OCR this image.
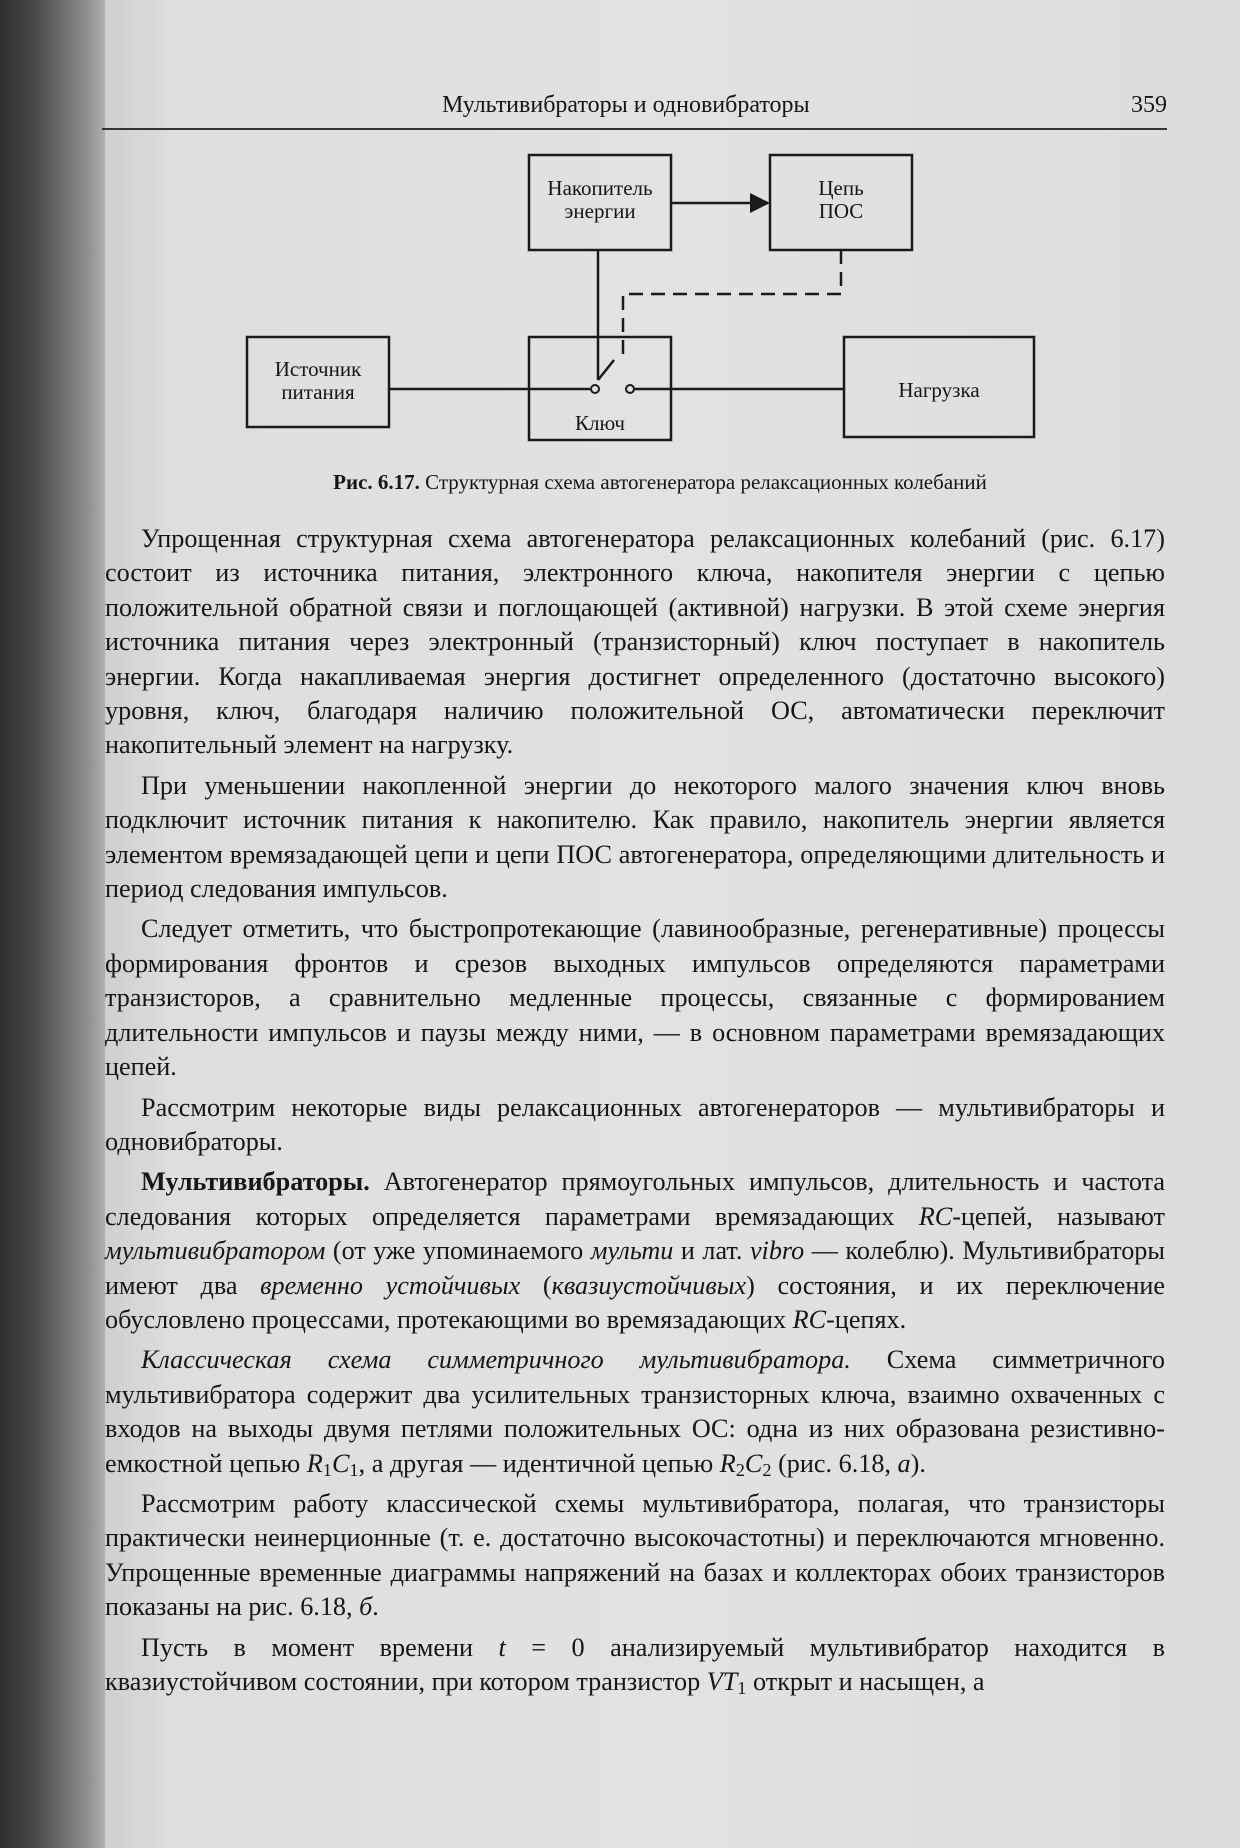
Мультивибраторы и одновибраторы	359
Накопитель
энергии
Цепь
ПОС
Источник
питания
Ключ
Нагрузка
Рис. 6.17. Структурная схема автогенератора релаксационных колебаний

Упрощенная структурная схема автогенератора релаксационных колебаний (рис. 6.17) состоит из источника питания, электронного ключа, накопителя энергии с цепью положительной обратной связи и поглощающей (активной) нагрузки. В этой схеме энергия источника питания через электронный (транзисторный) ключ поступает в накопитель энергии. Когда накапливаемая энергия достигнет определенного (достаточно высокого) уровня, ключ, благодаря наличию положительной ОС, автоматически переключит накопительный элемент на нагрузку.

При уменьшении накопленной энергии до некоторого малого значения ключ вновь подключит источник питания к накопителю. Как правило, накопитель энергии является элементом времязадающей цепи и цепи ПОС автогенератора, определяющими длительность и период следования импульсов.

Следует отметить, что быстропротекающие (лавинообразные, регенеративные) процессы формирования фронтов и срезов выходных импульсов определяются параметрами транзисторов, а сравнительно медленные процессы, связанные с формированием длительности импульсов и паузы между ними, — в основном параметрами времязадающих цепей.

Рассмотрим некоторые виды релаксационных автогенераторов — мультивибраторы и одновибраторы.

Мультивибраторы. Автогенератор прямоугольных импульсов, длительность и частота следования которых определяется параметрами времязадающих RC-цепей, называют мультивибратором (от уже упоминаемого мульти и лат. vibro — колеблю). Мультивибраторы имеют два временно устойчивых (квазиустойчивых) состояния, и их переключение обусловлено процессами, протекающими во времязадающих RC-цепях.

Классическая схема симметричного мультивибратора. Схема симметричного мультивибратора содержит два усилительных транзисторных ключа, взаимно охваченных с входов на выходы двумя петлями положительных ОС: одна из них образована резистивно-емкостной цепью $R_1C_1$, а другая — идентичной цепью $R_2C_2$ (рис. 6.18, а).

Рассмотрим работу классической схемы мультивибратора, полагая, что транзисторы практически неинерционные (т. е. достаточно высокочастотны) и переключаются мгновенно. Упрощенные временные диаграммы напряжений на базах и коллекторах обоих транзисторов показаны на рис. 6.18, б.

Пусть в момент времени t = 0 анализируемый мультивибратор находится в квазиустойчивом состоянии, при котором транзистор $VT_1$ открыт и насыщен, а
